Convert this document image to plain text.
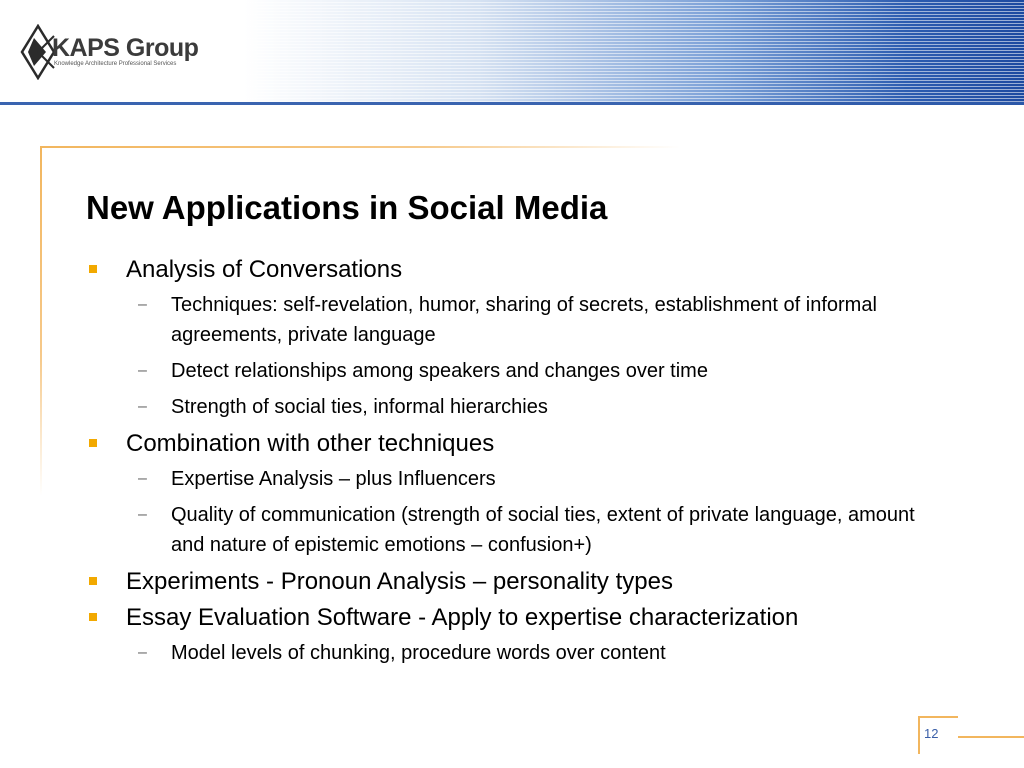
KAPS Group
Knowledge Architecture Professional Services
New Applications in Social Media
Analysis of Conversations
– Techniques: self-revelation, humor, sharing of secrets, establishment of informal agreements, private language
– Detect relationships among speakers and changes over time
– Strength of social ties, informal hierarchies
Combination with other techniques
– Expertise Analysis – plus Influencers
– Quality of communication (strength of social ties, extent of private language, amount and nature of epistemic emotions – confusion+)
Experiments - Pronoun Analysis – personality types
Essay Evaluation Software - Apply to expertise characterization
– Model levels of chunking, procedure words over content
12
